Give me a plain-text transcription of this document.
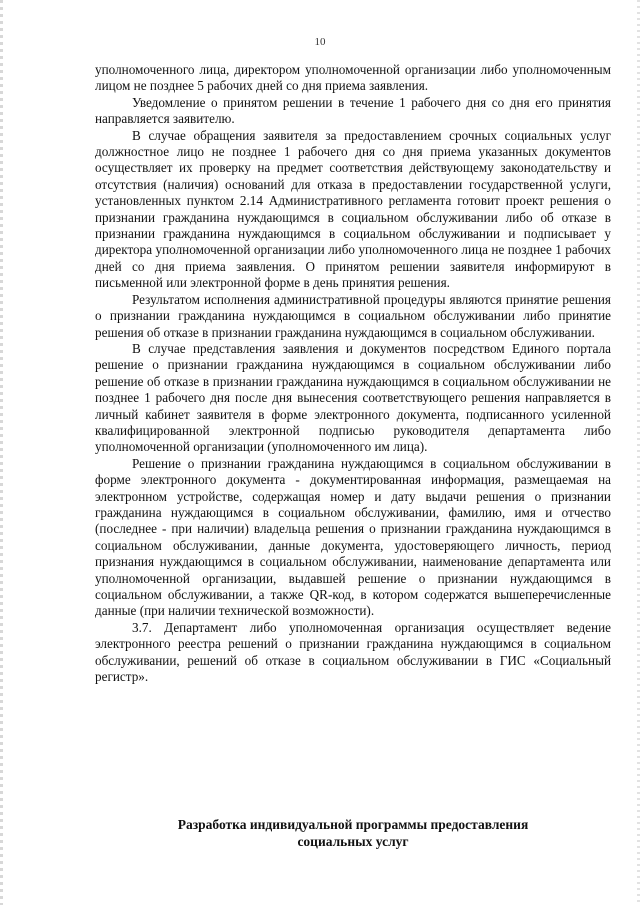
10

уполномоченного лица, директором уполномоченной организации либо уполномоченным лицом не позднее 5 рабочих дней со дня приема заявления.

Уведомление о принятом решении в течение 1 рабочего дня со дня его принятия направляется заявителю.

В случае обращения заявителя за предоставлением срочных социальных услуг должностное лицо не позднее 1 рабочего дня со дня приема указанных документов осуществляет их проверку на предмет соответствия действующему законодательству и отсутствия (наличия) оснований для отказа в предоставлении государственной услуги, установленных пунктом 2.14 Административного регламента готовит проект решения о признании гражданина нуждающимся в социальном обслуживании либо об отказе в признании гражданина нуждающимся в социальном обслуживании и подписывает у директора уполномоченной организации либо уполномоченного лица не позднее 1 рабочих дней со дня приема заявления. О принятом решении заявителя информируют в письменной или электронной форме в день принятия решения.

Результатом исполнения административной процедуры являются принятие решения о признании гражданина нуждающимся в социальном обслуживании либо принятие решения об отказе в признании гражданина нуждающимся в социальном обслуживании.

В случае представления заявления и документов посредством Единого портала решение о признании гражданина нуждающимся в социальном обслуживании либо решение об отказе в признании гражданина нуждающимся в социальном обслуживании не позднее 1 рабочего дня после дня вынесения соответствующего решения направляется в личный кабинет заявителя в форме электронного документа, подписанного усиленной квалифицированной электронной подписью руководителя департамента либо уполномоченной организации (уполномоченного им лица).

Решение о признании гражданина нуждающимся в социальном обслуживании в форме электронного документа - документированная информация, размещаемая на электронном устройстве, содержащая номер и дату выдачи решения о признании гражданина нуждающимся в социальном обслуживании, фамилию, имя и отчество (последнее - при наличии) владельца решения о признании гражданина нуждающимся в социальном обслуживании, данные документа, удостоверяющего личность, период признания нуждающимся в социальном обслуживании, наименование департамента или уполномоченной организации, выдавшей решение о признании нуждающимся в социальном обслуживании, а также QR-код, в котором содержатся вышеперечисленные данные (при наличии технической возможности).

3.7. Департамент либо уполномоченная организация осуществляет ведение электронного реестра решений о признании гражданина нуждающимся в социальном обслуживании, решений об отказе в социальном обслуживании в ГИС «Социальный регистр».

Разработка индивидуальной программы предоставления
социальных услуг
